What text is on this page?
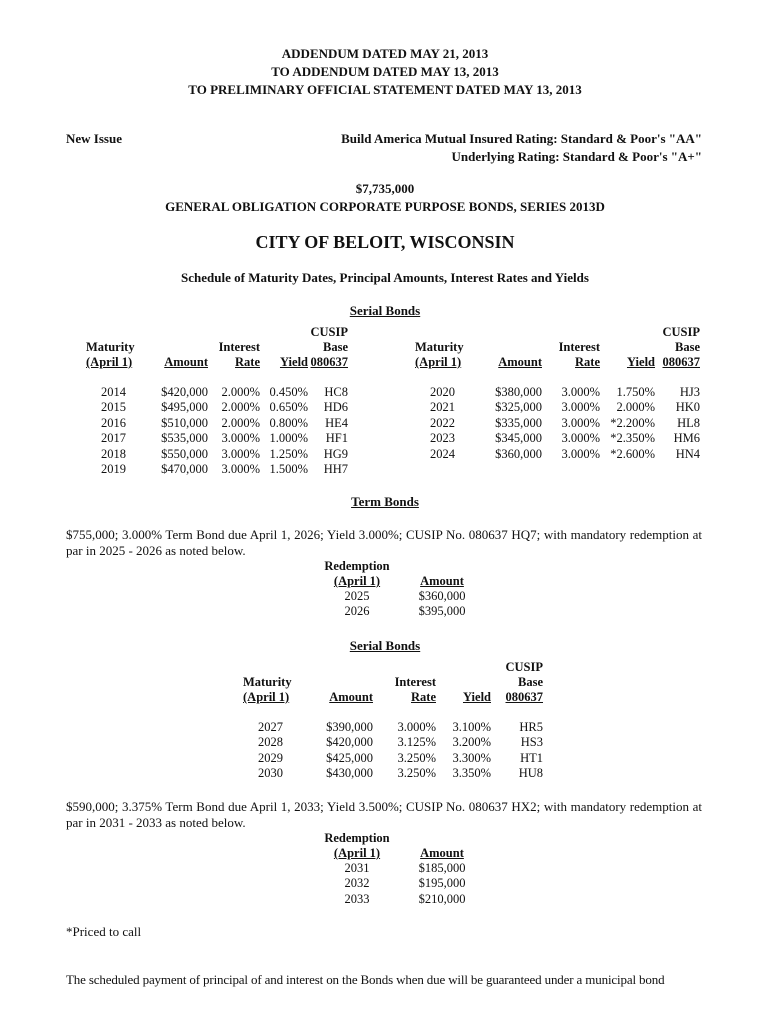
ADDENDUM DATED MAY 21, 2013
TO ADDENDUM DATED MAY 13, 2013
TO PRELIMINARY OFFICIAL STATEMENT DATED MAY 13, 2013
New Issue	Build America Mutual Insured Rating: Standard & Poor's "AA"
Underlying Rating: Standard & Poor's "A+"
$7,735,000
GENERAL OBLIGATION CORPORATE PURPOSE BONDS, SERIES 2013D
CITY OF BELOIT, WISCONSIN
Schedule of Maturity Dates, Principal Amounts, Interest Rates and Yields
Serial Bonds
Maturity
(April 1)	Amount	Interest
Rate	Yield	CUSIP
Base
080637
2014	$420,000	2.000%	0.450%	HC8
2015	$495,000	2.000%	0.650%	HD6
2016	$510,000	2.000%	0.800%	HE4
2017	$535,000	3.000%	1.000%	HF1
2018	$550,000	3.000%	1.250%	HG9
2019	$470,000	3.000%	1.500%	HH7
Maturity
(April 1)	Amount	Interest
Rate	Yield	CUSIP
Base
080637
2020	$380,000	3.000%	1.750%	HJ3
2021	$325,000	3.000%	2.000%	HK0
2022	$335,000	3.000%	*2.200%	HL8
2023	$345,000	3.000%	*2.350%	HM6
2024	$360,000	3.000%	*2.600%	HN4
Term Bonds
$755,000; 3.000% Term Bond due April 1, 2026; Yield 3.000%; CUSIP No. 080637 HQ7; with mandatory redemption at par in 2025 - 2026 as noted below.
Redemption
(April 1)	Amount
2025	$360,000
2026	$395,000
Serial Bonds
Maturity
(April 1)	Amount	Interest
Rate	Yield	CUSIP
Base
080637
2027	$390,000	3.000%	3.100%	HR5
2028	$420,000	3.125%	3.200%	HS3
2029	$425,000	3.250%	3.300%	HT1
2030	$430,000	3.250%	3.350%	HU8
$590,000; 3.375% Term Bond due April 1, 2033; Yield 3.500%; CUSIP No. 080637 HX2; with mandatory redemption at par in 2031 - 2033 as noted below.
Redemption
(April 1)	Amount
2031	$185,000
2032	$195,000
2033	$210,000
*Priced to call
The scheduled payment of principal of and interest on the Bonds when due will be guaranteed under a municipal bond
